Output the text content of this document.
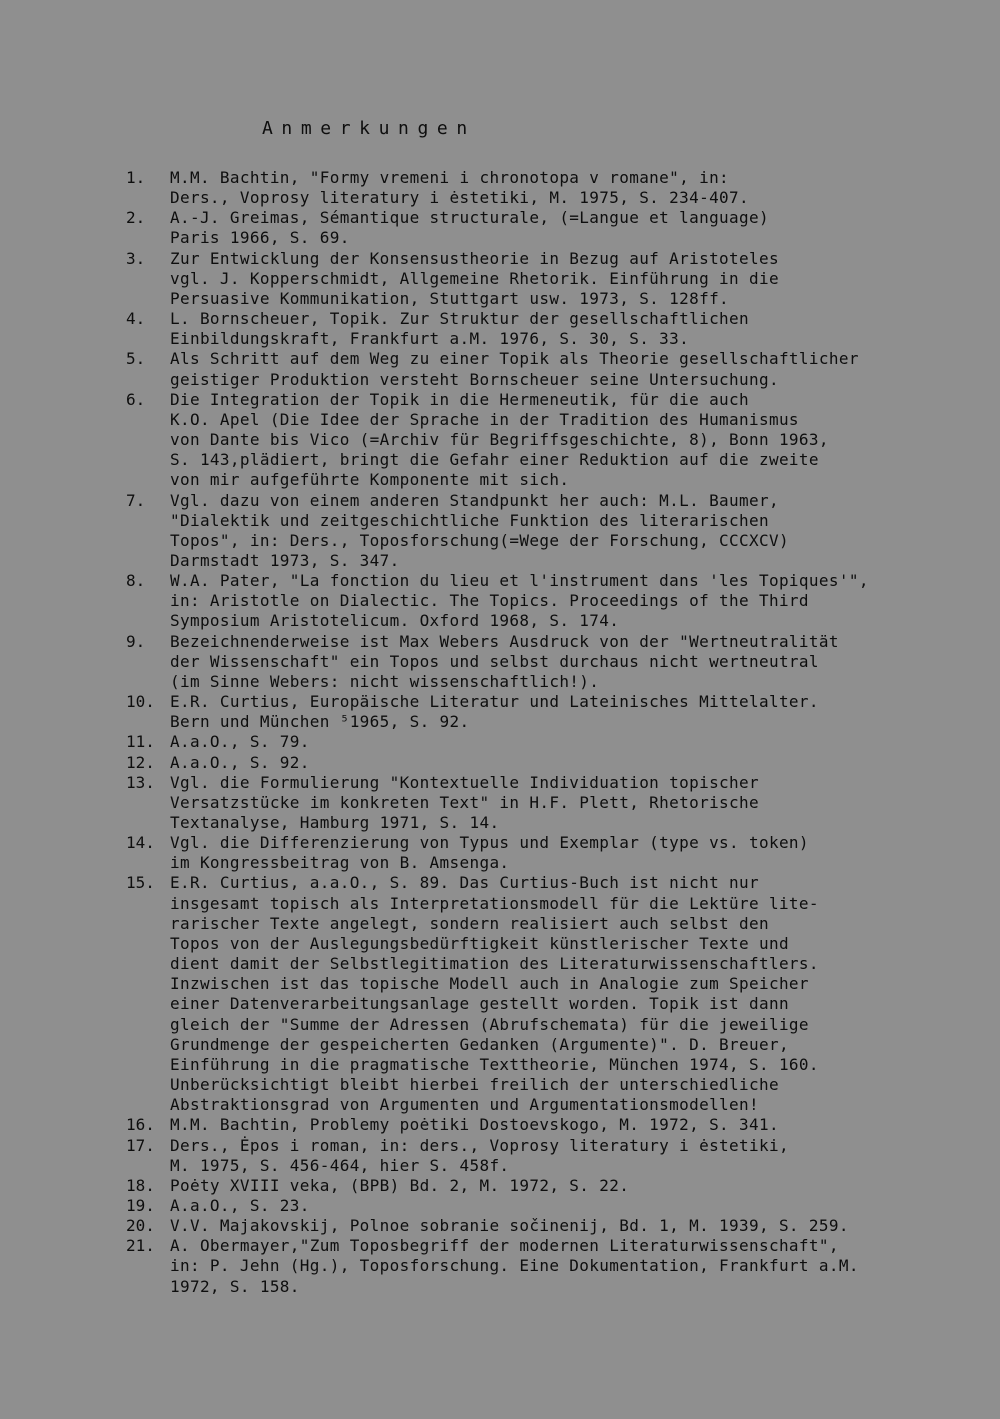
Anmerkungen
1.	M.M. Bachtin, "Formy vremeni i chronotopa v romane", in:
Ders., Voprosy literatury i ėstetiki, M. 1975, S. 234-407.
2.	A.-J. Greimas, Sémantique structurale, (=Langue et language)
Paris 1966, S. 69.
3.	Zur Entwicklung der Konsensustheorie in Bezug auf Aristoteles
vgl. J. Kopperschmidt, Allgemeine Rhetorik. Einführung in die
Persuasive Kommunikation, Stuttgart usw. 1973, S. 128ff.
4.	L. Bornscheuer, Topik. Zur Struktur der gesellschaftlichen
Einbildungskraft, Frankfurt a.M. 1976, S. 30, S. 33.
5.	Als Schritt auf dem Weg zu einer Topik als Theorie gesellschaftlicher
geistiger Produktion versteht Bornscheuer seine Untersuchung.
6.	Die Integration der Topik in die Hermeneutik, für die auch
K.O. Apel (Die Idee der Sprache in der Tradition des Humanismus
von Dante bis Vico (=Archiv für Begriffsgeschichte, 8), Bonn 1963,
S. 143,plädiert, bringt die Gefahr einer Reduktion auf die zweite
von mir aufgeführte Komponente mit sich.
7.	Vgl. dazu von einem anderen Standpunkt her auch: M.L. Baumer,
"Dialektik und zeitgeschichtliche Funktion des literarischen
Topos", in: Ders., Toposforschung(=Wege der Forschung, CCCXCV)
Darmstadt 1973, S. 347.
8.	W.A. Pater, "La fonction du lieu et l'instrument dans 'les Topiques'",
in: Aristotle on Dialectic. The Topics. Proceedings of the Third
Symposium Aristotelicum. Oxford 1968, S. 174.
9.	Bezeichnenderweise ist Max Webers Ausdruck von der "Wertneutralität
der Wissenschaft" ein Topos und selbst durchaus nicht wertneutral
(im Sinne Webers: nicht wissenschaftlich!).
10. E.R. Curtius, Europäische Literatur und Lateinisches Mittelalter.
Bern und München ⁵1965, S. 92.
11. A.a.O., S. 79.
12. A.a.O., S. 92.
13. Vgl. die Formulierung "Kontextuelle Individuation topischer
Versatzstücke im konkreten Text" in H.F. Plett, Rhetorische
Textanalyse, Hamburg 1971, S. 14.
14. Vgl. die Differenzierung von Typus und Exemplar (type vs. token)
im Kongressbeitrag von B. Amsenga.
15. E.R. Curtius, a.a.O., S. 89. Das Curtius-Buch ist nicht nur
insgesamt topisch als Interpretationsmodell für die Lektüre lite-
rarischer Texte angelegt, sondern realisiert auch selbst den
Topos von der Auslegungsbedürftigkeit künstlerischer Texte und
dient damit der Selbstlegitimation des Literaturwissenschaftlers.
Inzwischen ist das topische Modell auch in Analogie zum Speicher
einer Datenverarbeitungsanlage gestellt worden. Topik ist dann
gleich der "Summe der Adressen (Abrufschemata) für die jeweilige
Grundmenge der gespeicherten Gedanken (Argumente)". D. Breuer,
Einführung in die pragmatische Texttheorie, München 1974, S. 160.
Unberücksichtigt bleibt hierbei freilich der unterschiedliche
Abstraktionsgrad von Argumenten und Argumentationsmodellen!
16. M.M. Bachtin, Problemy poėtiki Dostoevskogo, M. 1972, S. 341.
17. Ders., Ėpos i roman, in: ders., Voprosy literatury i ėstetiki,
M. 1975, S. 456-464, hier S. 458f.
18. Poėty XVIII veka, (BPB) Bd. 2, M. 1972, S. 22.
19. A.a.O., S. 23.
20. V.V. Majakovskij, Polnoe sobranie sočinenij, Bd. 1, M. 1939, S. 259.
21. A. Obermayer,"Zum Toposbegriff der modernen Literaturwissenschaft",
in: P. Jehn (Hg.), Toposforschung. Eine Dokumentation, Frankfurt a.M.
1972, S. 158.
